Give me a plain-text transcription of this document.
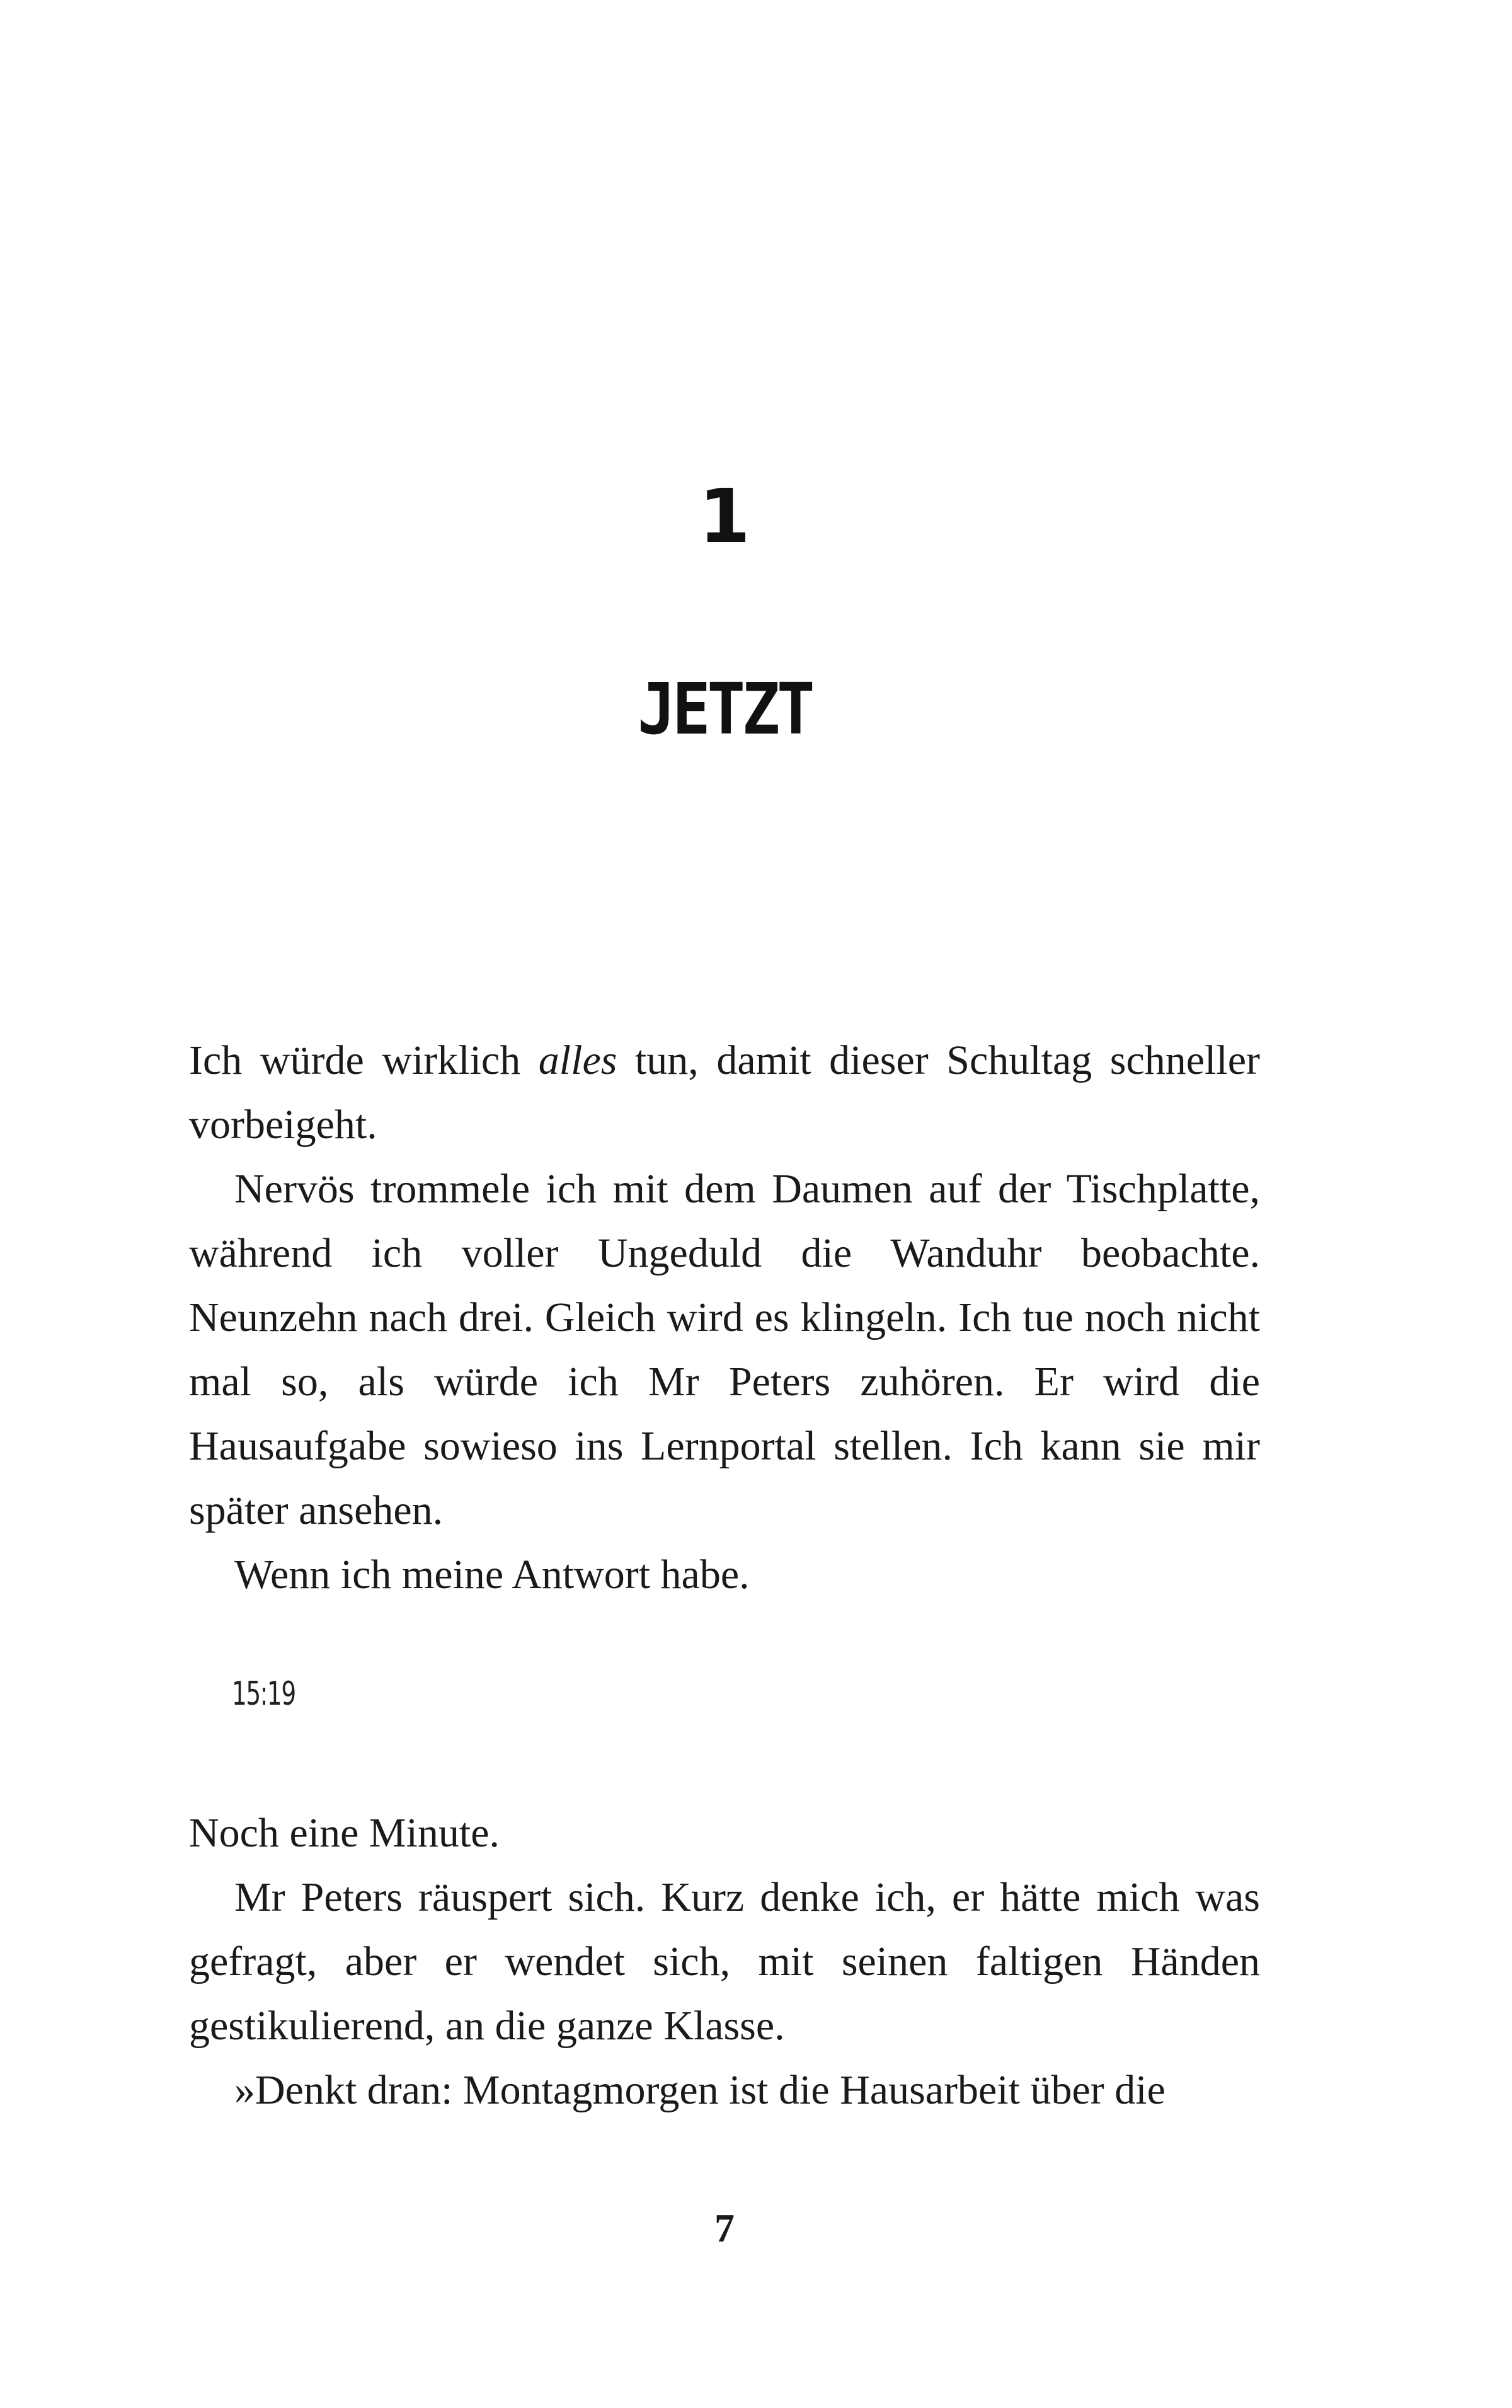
1
JETZT

Ich würde wirklich alles tun, damit dieser Schultag schneller vorbeigeht.

Nervös trommele ich mit dem Daumen auf der Tischplatte, während ich voller Ungeduld die Wanduhr beobachte. Neunzehn nach drei. Gleich wird es klingeln. Ich tue noch nicht mal so, als würde ich Mr Peters zuhören. Er wird die Hausaufgabe sowieso ins Lernportal stellen. Ich kann sie mir später ansehen.

Wenn ich meine Antwort habe.

15:19

Noch eine Minute.

Mr Peters räuspert sich. Kurz denke ich, er hätte mich was gefragt, aber er wendet sich, mit seinen faltigen Händen gestikulierend, an die ganze Klasse.

»Denkt dran: Montagmorgen ist die Hausarbeit über die

7
